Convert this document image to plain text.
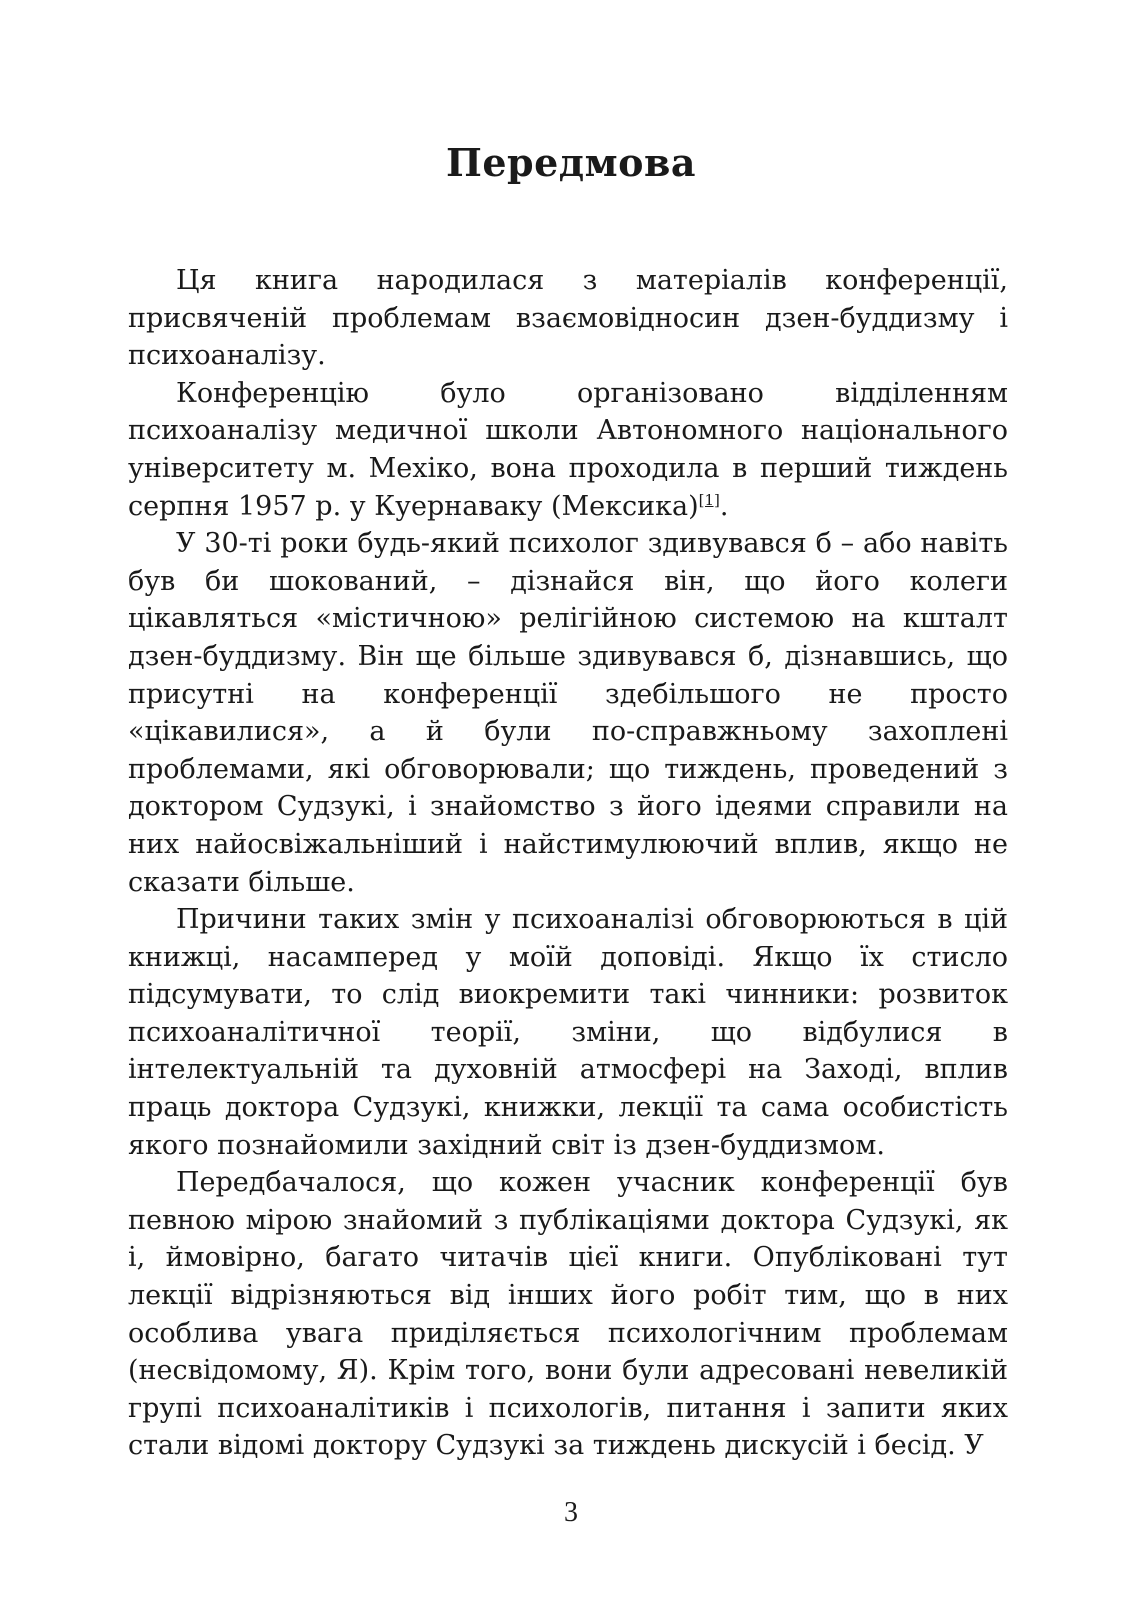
Передмова

Ця книга народилася з матеріалів конференції, присвяченій проблемам взаємовідносин дзен-буддизму і психоаналізу.

Конференцію було організовано відділенням психоаналізу медичної школи Автономного національного університету м. Мехіко, вона проходила в перший тиждень серпня 1957 р. у Куернаваку (Мексика)[1].

У 30-ті роки будь-який психолог здивувався б – або навіть був би шокований, – дізнайся він, що його колеги цікавляться «містичною» релігійною системою на кшталт дзен-буддизму. Він ще більше здивувався б, дізнавшись, що присутні на конференції здебільшого не просто «цікавилися», а й були по-справжньому захоплені проблемами, які обговорювали; що тиждень, проведений з доктором Судзукі, і знайомство з його ідеями справили на них найосвіжальніший і найстимулюючий вплив, якщо не сказати більше.

Причини таких змін у психоаналізі обговорюються в цій книжці, насамперед у моїй доповіді. Якщо їх стисло підсумувати, то слід виокремити такі чинники: розвиток психоаналітичної теорії, зміни, що відбулися в інтелектуальній та духовній атмосфері на Заході, вплив праць доктора Судзукі, книжки, лекції та сама особистість якого познайомили західний світ із дзен-буддизмом.

Передбачалося, що кожен учасник конференції був певною мірою знайомий з публікаціями доктора Судзукі, як і, ймовірно, багато читачів цієї книги. Опубліковані тут лекції відрізняються від інших його робіт тим, що в них особлива увага приділяється психологічним проблемам (несвідомому, Я). Крім того, вони були адресовані невеликій групі психоаналітиків і психологів, питання і запити яких стали відомі доктору Судзукі за тиждень дискусій і бесід. У

3
